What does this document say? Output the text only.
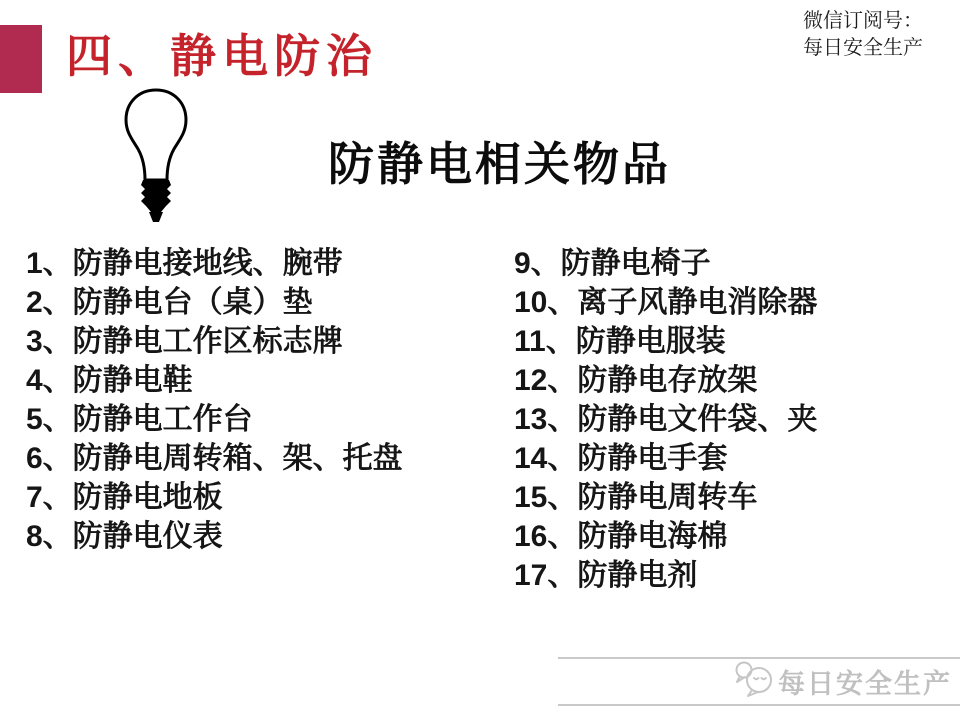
四、静电防治
微信订阅号：
每日安全生产
防静电相关物品
1、防静电接地线、腕带
2、防静电台（桌）垫
3、防静电工作区标志牌
4、防静电鞋
5、防静电工作台
6、防静电周转箱、架、托盘
7、防静电地板
8、防静电仪表
9、防静电椅子
10、离子风静电消除器
11、防静电服装
12、防静电存放架
13、防静电文件袋、夹
14、防静电手套
15、防静电周转车
16、防静电海棉
17、防静电剂
每日安全生产
